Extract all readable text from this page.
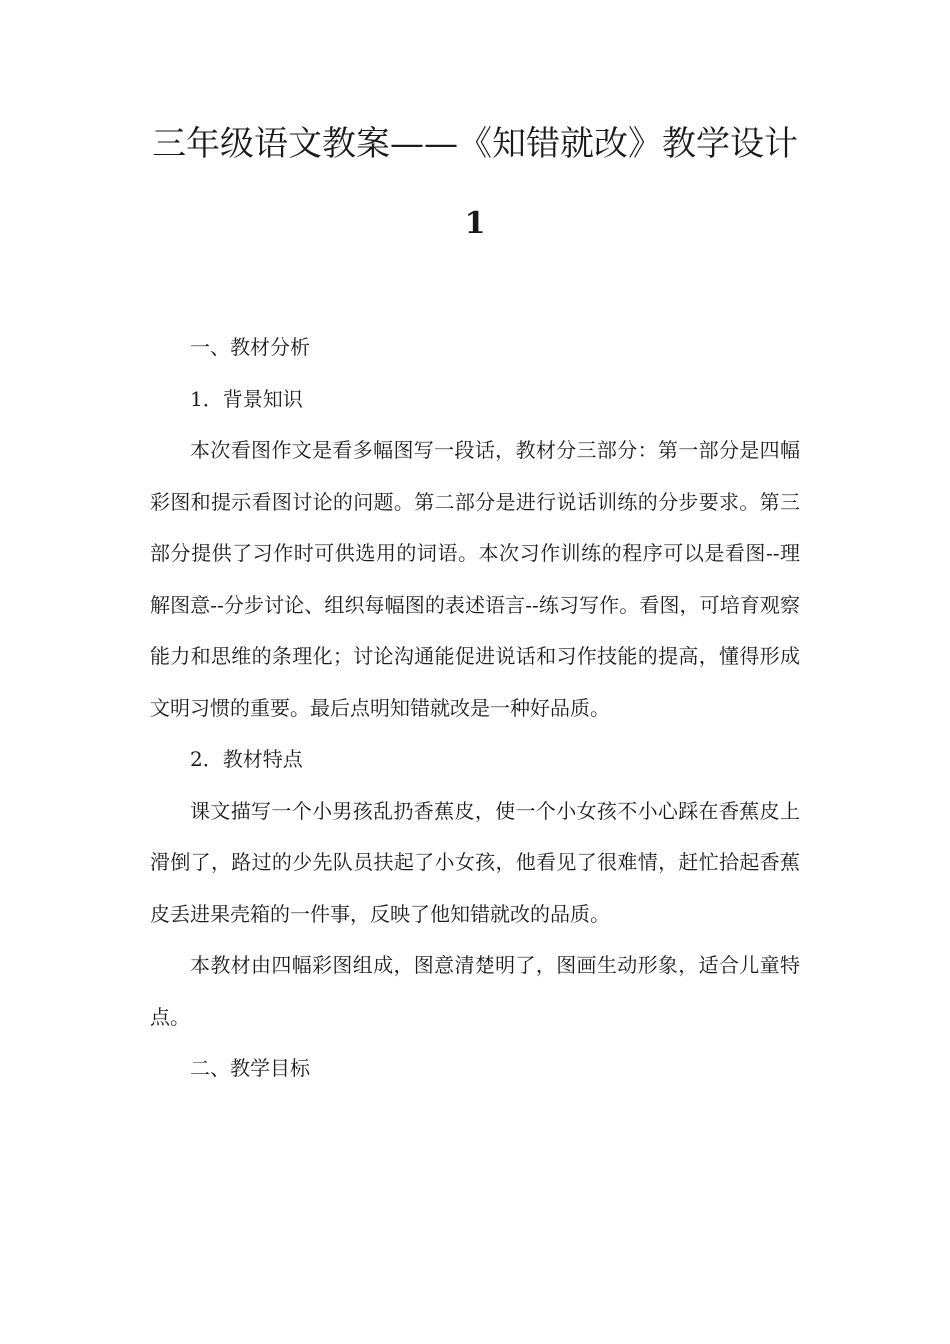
三年级语文教案——《知错就改》教学设计
1

一、教材分析

1．背景知识

本次看图作文是看多幅图写一段话，教材分三部分：第一部分是四幅彩图和提示看图讨论的问题。第二部分是进行说话训练的分步要求。第三部分提供了习作时可供选用的词语。本次习作训练的程序可以是看图--理解图意--分步讨论、组织每幅图的表述语言--练习写作。看图，可培育观察能力和思维的条理化；讨论沟通能促进说话和习作技能的提高，懂得形成文明习惯的重要。最后点明知错就改是一种好品质。

2．教材特点

课文描写一个小男孩乱扔香蕉皮，使一个小女孩不小心踩在香蕉皮上滑倒了，路过的少先队员扶起了小女孩，他看见了很难情，赶忙拾起香蕉皮丢进果壳箱的一件事，反映了他知错就改的品质。

本教材由四幅彩图组成，图意清楚明了，图画生动形象，适合儿童特点。

二、教学目标
